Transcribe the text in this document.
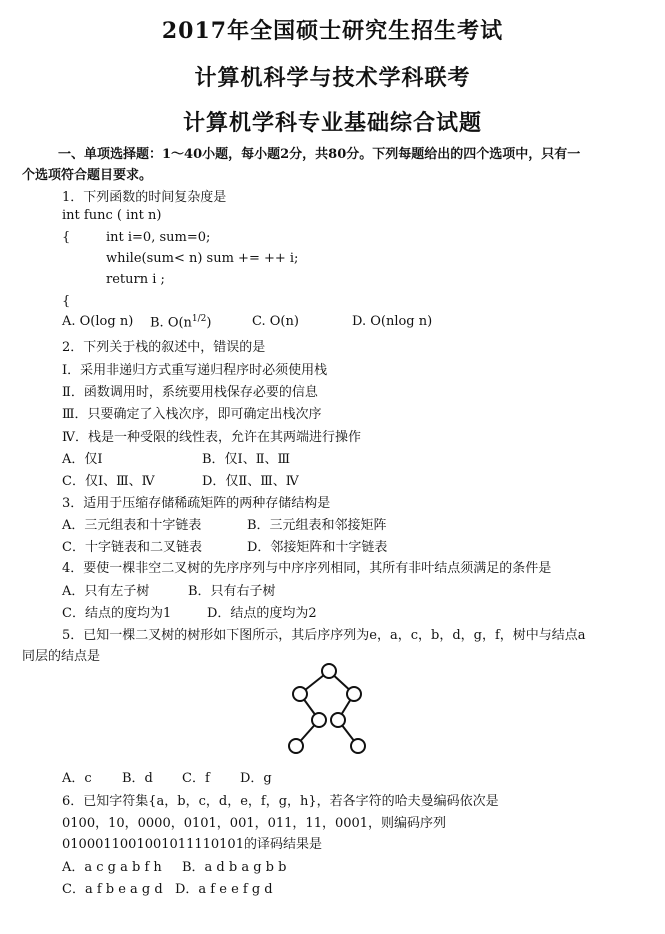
2017年全国硕士研究生招生考试
计算机科学与技术学科联考
计算机学科专业基础综合试题
一、单项选择题：1～40小题，每小题2分，共80分。下列每题给出的四个选项中，只有一
个选项符合题目要求。
1．下列函数的时间复杂度是
int func ( int n)
{	int i=0, sum=0;
while(sum< n) sum += ++ i;
return i ;
{
A. O(log n) B. $O(n^{1/2})$	C. O(n)	D. O(nlog n)
2．下列关于栈的叙述中，错误的是
Ⅰ．采用非递归方式重写递归程序时必须使用栈
Ⅱ．函数调用时，系统要用栈保存必要的信息
Ⅲ．只要确定了入栈次序，即可确定出栈次序
Ⅳ．栈是一种受限的线性表，允许在其两端进行操作
A．仅Ⅰ	B．仅Ⅰ、Ⅱ、Ⅲ
C．仅Ⅰ、Ⅲ、Ⅳ	D．仅Ⅱ、Ⅲ、Ⅳ
3．适用于压缩存储稀疏矩阵的两种存储结构是
A．三元组表和十字链表	B．三元组表和邻接矩阵
C．十字链表和二叉链表	D．邻接矩阵和十字链表
4．要使一棵非空二叉树的先序序列与中序序列相同，其所有非叶结点须满足的条件是
A．只有左子树	B．只有右子树
C．结点的度均为1	D．结点的度均为2
5．已知一棵二叉树的树形如下图所示，其后序序列为e，a，c，b，d，g，f，树中与结点a
同层的结点是
A．c B．d C．f D．g
6．已知字符集{a，b，c，d，e，f，g，h}，若各字符的哈夫曼编码依次是
0100，10，0000，0101，001，011，11，0001，则编码序列
0100011001001011110101的译码结果是
A．a c g a b f h B．a d b a g b b
C．a f b e a g d D．a f e e f g d
